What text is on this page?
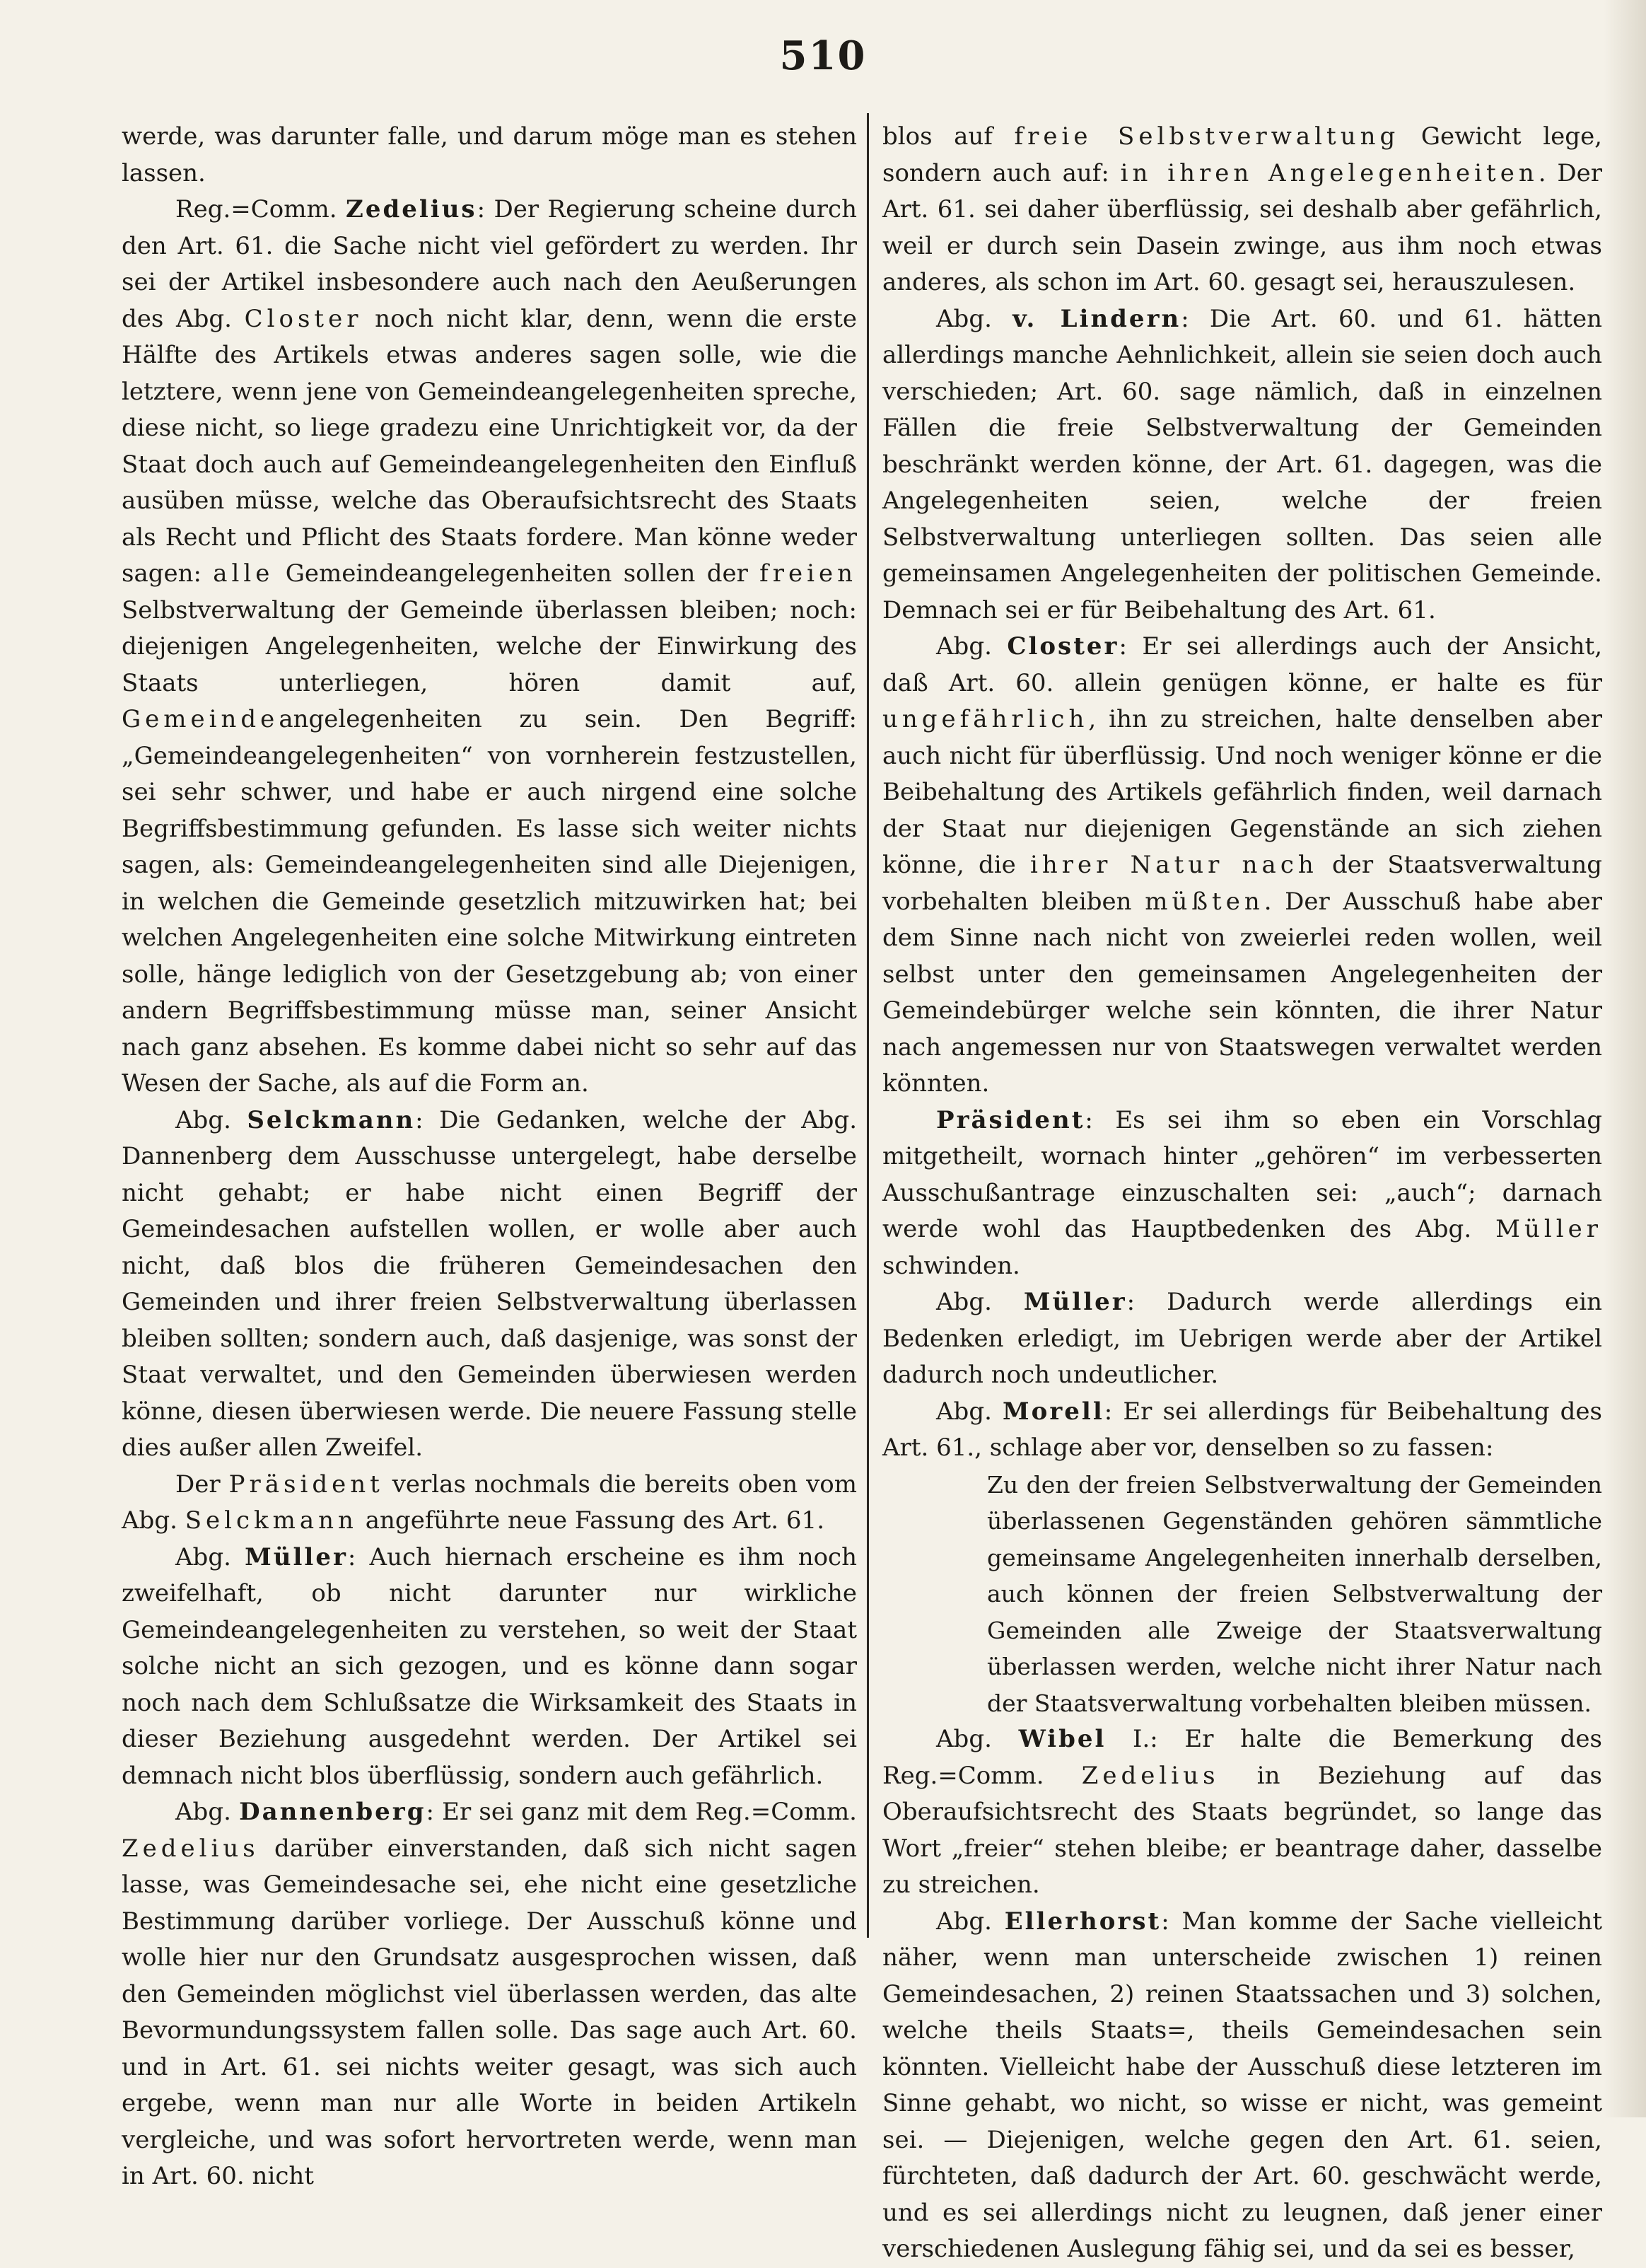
510

werde, was darunter falle, und darum möge man es stehen lassen.

Reg.=Comm. Zedelius: Der Regierung scheine durch den Art. 61. die Sache nicht viel gefördert zu werden. Ihr sei der Artikel insbesondere auch nach den Aeußerungen des Abg. Closter noch nicht klar, denn, wenn die erste Hälfte des Artikels etwas anderes sagen solle, wie die letztere, wenn jene von Gemeindeangelegenheiten spreche, diese nicht, so liege gradezu eine Unrichtigkeit vor, da der Staat doch auch auf Gemeindeangelegenheiten den Einfluß ausüben müsse, welche das Oberaufsichtsrecht des Staats als Recht und Pflicht des Staats fordere. Man könne weder sagen: alle Gemeindeangelegenheiten sollen der freien Selbstverwaltung der Gemeinde überlassen bleiben; noch: diejenigen Angelegenheiten, welche der Einwirkung des Staats unterliegen, hören damit auf, Gemeindeangelegenheiten zu sein. Den Begriff: „Gemeindeangelegenheiten“ von vornherein festzustellen, sei sehr schwer, und habe er auch nirgend eine solche Begriffsbestimmung gefunden. Es lasse sich weiter nichts sagen, als: Gemeindeangelegenheiten sind alle Diejenigen, in welchen die Gemeinde gesetzlich mitzuwirken hat; bei welchen Angelegenheiten eine solche Mitwirkung eintreten solle, hänge lediglich von der Gesetzgebung ab; von einer andern Begriffsbestimmung müsse man, seiner Ansicht nach ganz absehen. Es komme dabei nicht so sehr auf das Wesen der Sache, als auf die Form an.

Abg. Selckmann: Die Gedanken, welche der Abg. Dannenberg dem Ausschusse untergelegt, habe derselbe nicht gehabt; er habe nicht einen Begriff der Gemeindesachen aufstellen wollen, er wolle aber auch nicht, daß blos die früheren Gemeindesachen den Gemeinden und ihrer freien Selbstverwaltung überlassen bleiben sollten; sondern auch, daß dasjenige, was sonst der Staat verwaltet, und den Gemeinden überwiesen werden könne, diesen überwiesen werde. Die neuere Fassung stelle dies außer allen Zweifel.

Der Präsident verlas nochmals die bereits oben vom Abg. Selckmann angeführte neue Fassung des Art. 61.

Abg. Müller: Auch hiernach erscheine es ihm noch zweifelhaft, ob nicht darunter nur wirkliche Gemeindeangelegenheiten zu verstehen, so weit der Staat solche nicht an sich gezogen, und es könne dann sogar noch nach dem Schlußsatze die Wirksamkeit des Staats in dieser Beziehung ausgedehnt werden. Der Artikel sei demnach nicht blos überflüssig, sondern auch gefährlich.

Abg. Dannenberg: Er sei ganz mit dem Reg.=Comm. Zedelius darüber einverstanden, daß sich nicht sagen lasse, was Gemeindesache sei, ehe nicht eine gesetzliche Bestimmung darüber vorliege. Der Ausschuß könne und wolle hier nur den Grundsatz ausgesprochen wissen, daß den Gemeinden möglichst viel überlassen werden, das alte Bevormundungssystem fallen solle. Das sage auch Art. 60. und in Art. 61. sei nichts weiter gesagt, was sich auch ergebe, wenn man nur alle Worte in beiden Artikeln vergleiche, und was sofort hervortreten werde, wenn man in Art. 60. nicht

blos auf freie Selbstverwaltung Gewicht lege, sondern auch auf: in ihren Angelegenheiten. Der Art. 61. sei daher überflüssig, sei deshalb aber gefährlich, weil er durch sein Dasein zwinge, aus ihm noch etwas anderes, als schon im Art. 60. gesagt sei, herauszulesen.

Abg. v. Lindern: Die Art. 60. und 61. hätten allerdings manche Aehnlichkeit, allein sie seien doch auch verschieden; Art. 60. sage nämlich, daß in einzelnen Fällen die freie Selbstverwaltung der Gemeinden beschränkt werden könne, der Art. 61. dagegen, was die Angelegenheiten seien, welche der freien Selbstverwaltung unterliegen sollten. Das seien alle gemeinsamen Angelegenheiten der politischen Gemeinde. Demnach sei er für Beibehaltung des Art. 61.

Abg. Closter: Er sei allerdings auch der Ansicht, daß Art. 60. allein genügen könne, er halte es für ungefährlich, ihn zu streichen, halte denselben aber auch nicht für überflüssig. Und noch weniger könne er die Beibehaltung des Artikels gefährlich finden, weil darnach der Staat nur diejenigen Gegenstände an sich ziehen könne, die ihrer Natur nach der Staatsverwaltung vorbehalten bleiben müßten. Der Ausschuß habe aber dem Sinne nach nicht von zweierlei reden wollen, weil selbst unter den gemeinsamen Angelegenheiten der Gemeindebürger welche sein könnten, die ihrer Natur nach angemessen nur von Staatswegen verwaltet werden könnten.

Präsident: Es sei ihm so eben ein Vorschlag mitgetheilt, wornach hinter „gehören“ im verbesserten Ausschußantrage einzuschalten sei: „auch“; darnach werde wohl das Hauptbedenken des Abg. Müller schwinden.

Abg. Müller: Dadurch werde allerdings ein Bedenken erledigt, im Uebrigen werde aber der Artikel dadurch noch undeutlicher.

Abg. Morell: Er sei allerdings für Beibehaltung des Art. 61., schlage aber vor, denselben so zu fassen:

Zu den der freien Selbstverwaltung der Gemeinden überlassenen Gegenständen gehören sämmtliche gemeinsame Angelegenheiten innerhalb derselben, auch können der freien Selbstverwaltung der Gemeinden alle Zweige der Staatsverwaltung überlassen werden, welche nicht ihrer Natur nach der Staatsverwaltung vorbehalten bleiben müssen.

Abg. Wibel I.: Er halte die Bemerkung des Reg.=Comm. Zedelius in Beziehung auf das Oberaufsichtsrecht des Staats begründet, so lange das Wort „freier“ stehen bleibe; er beantrage daher, dasselbe zu streichen.

Abg. Ellerhorst: Man komme der Sache vielleicht näher, wenn man unterscheide zwischen 1) reinen Gemeindesachen, 2) reinen Staatssachen und 3) solchen, welche theils Staats=, theils Gemeindesachen sein könnten. Vielleicht habe der Ausschuß diese letzteren im Sinne gehabt, wo nicht, so wisse er nicht, was gemeint sei. — Diejenigen, welche gegen den Art. 61. seien, fürchteten, daß dadurch der Art. 60. geschwächt werde, und es sei allerdings nicht zu leugnen, daß jener einer verschiedenen Auslegung fähig sei, und da sei es besser,
